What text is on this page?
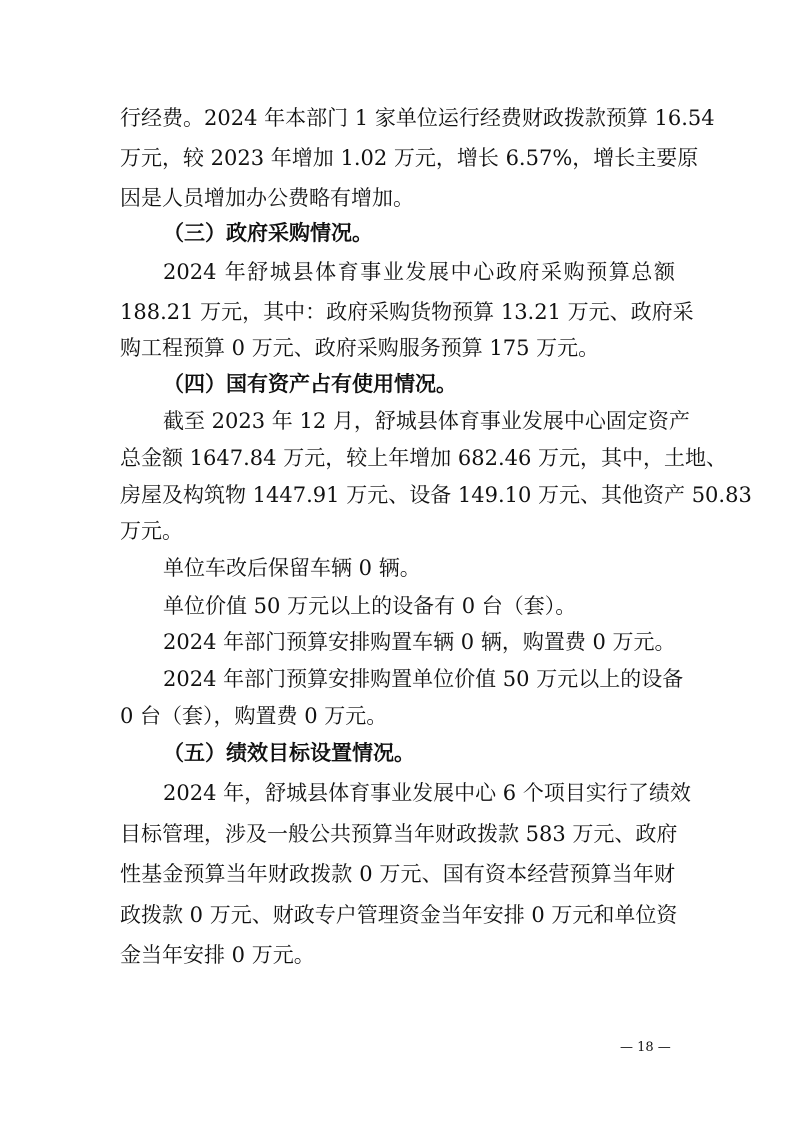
行经费。2024 年本部门 1 家单位运行经费财政拨款预算 16.54
万元，较 2023 年增加 1.02 万元，增长 6.57%，增长主要原
因是人员增加办公费略有增加。
（三）政府采购情况。
2024 年舒城县体育事业发展中心政府采购预算总额
188.21 万元，其中：政府采购货物预算 13.21 万元、政府采
购工程预算 0 万元、政府采购服务预算 175 万元。
（四）国有资产占有使用情况。
截至 2023 年 12 月，舒城县体育事业发展中心固定资产
总金额 1647.84 万元，较上年增加 682.46 万元，其中，土地、
房屋及构筑物 1447.91 万元、设备 149.10 万元、其他资产 50.83
万元。
单位车改后保留车辆 0 辆。
单位价值 50 万元以上的设备有 0 台（套）。
2024 年部门预算安排购置车辆 0 辆，购置费 0 万元。
2024 年部门预算安排购置单位价值 50 万元以上的设备
0 台（套），购置费 0 万元。
（五）绩效目标设置情况。
2024 年，舒城县体育事业发展中心 6 个项目实行了绩效
目标管理，涉及一般公共预算当年财政拨款 583 万元、政府
性基金预算当年财政拨款 0 万元、国有资本经营预算当年财
政拨款 0 万元、财政专户管理资金当年安排 0 万元和单位资
金当年安排 0 万元。
— 18 —
